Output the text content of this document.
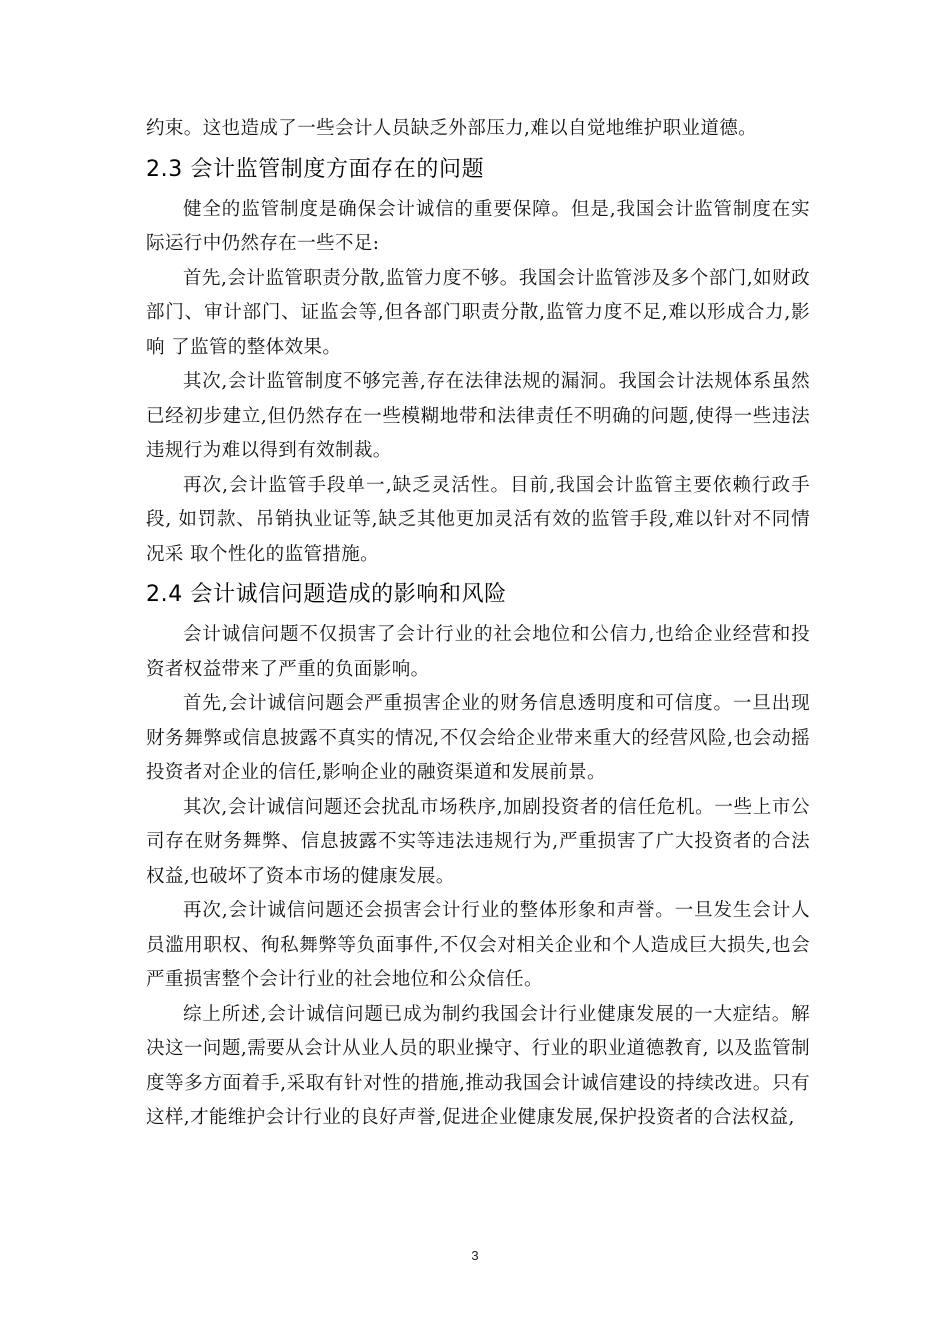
约束。这也造成了一些会计人员缺乏外部压力,难以自觉地维护职业道德。

2.3 会计监管制度方面存在的问题

健全的监管制度是确保会计诚信的重要保障。但是,我国会计监管制度在实际运行中仍然存在一些不足:

首先,会计监管职责分散,监管力度不够。我国会计监管涉及多个部门,如财政 部门、审计部门、证监会等,但各部门职责分散,监管力度不足,难以形成合力,影响 了监管的整体效果。

其次,会计监管制度不够完善,存在法律法规的漏洞。我国会计法规体系虽然已经初步建立,但仍然存在一些模糊地带和法律责任不明确的问题,使得一些违法违规行为难以得到有效制裁。

再次,会计监管手段单一,缺乏灵活性。目前,我国会计监管主要依赖行政手段, 如罚款、吊销执业证等,缺乏其他更加灵活有效的监管手段,难以针对不同情况采 取个性化的监管措施。

2.4 会计诚信问题造成的影响和风险

会计诚信问题不仅损害了会计行业的社会地位和公信力,也给企业经营和投资者权益带来了严重的负面影响。

首先,会计诚信问题会严重损害企业的财务信息透明度和可信度。一旦出现财务舞弊或信息披露不真实的情况,不仅会给企业带来重大的经营风险,也会动摇投资者对企业的信任,影响企业的融资渠道和发展前景。

其次,会计诚信问题还会扰乱市场秩序,加剧投资者的信任危机。一些上市公司存在财务舞弊、信息披露不实等违法违规行为,严重损害了广大投资者的合法权益,也破坏了资本市场的健康发展。

再次,会计诚信问题还会损害会计行业的整体形象和声誉。一旦发生会计人员滥用职权、徇私舞弊等负面事件,不仅会对相关企业和个人造成巨大损失,也会严重损害整个会计行业的社会地位和公众信任。

综上所述,会计诚信问题已成为制约我国会计行业健康发展的一大症结。解决这一问题,需要从会计从业人员的职业操守、行业的职业道德教育, 以及监管制 度等多方面着手,采取有针对性的措施,推动我国会计诚信建设的持续改进。只有 这样,才能维护会计行业的良好声誉,促进企业健康发展,保护投资者的合法权益,

3
